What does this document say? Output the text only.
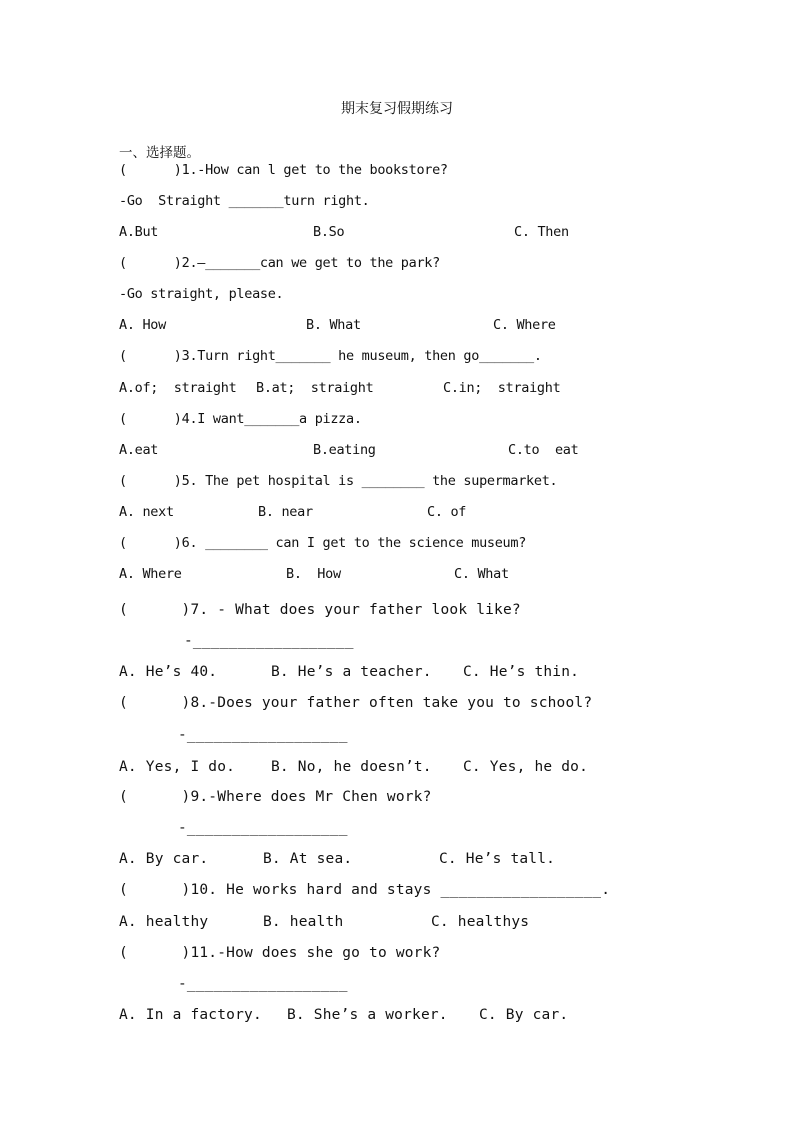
期末复习假期练习
一、选择题。
(      )1.-How can l get to the bookstore?
-Go  Straight _______turn right.
A.But	B.So	C. Then
(      )2.—_______can we get to the park?
-Go straight, please.
A. How	B. What	C. Where
(      )3.Turn right_______ he museum, then go_______.
A.of;  straight B.at;  straight	C.in;  straight
(      )4.I want_______a pizza.
A.eat	B.eating	C.to  eat
(      )5. The pet hospital is ________ the supermarket.
A. next	B. near	C. of
(      )6. ________ can I get to the science museum?
A. Where	B.  How	C. What
(      )7. - What does your father look like?
-__________________
A. He’s 40.	B. He’s a teacher. C. He’s thin.
(      )8.-Does your father often take you to school?
-__________________
A. Yes, I do. B. No, he doesn’t. C. Yes, he do.
(      )9.-Where does Mr Chen work?
-__________________
A. By car.	B. At sea.	C. He’s tall.
(      )10. He works hard and stays __________________.
A. healthy	B. health	C. healthys
(      )11.-How does she go to work?
-__________________
A. In a factory. B. She’s a worker. C. By car.
